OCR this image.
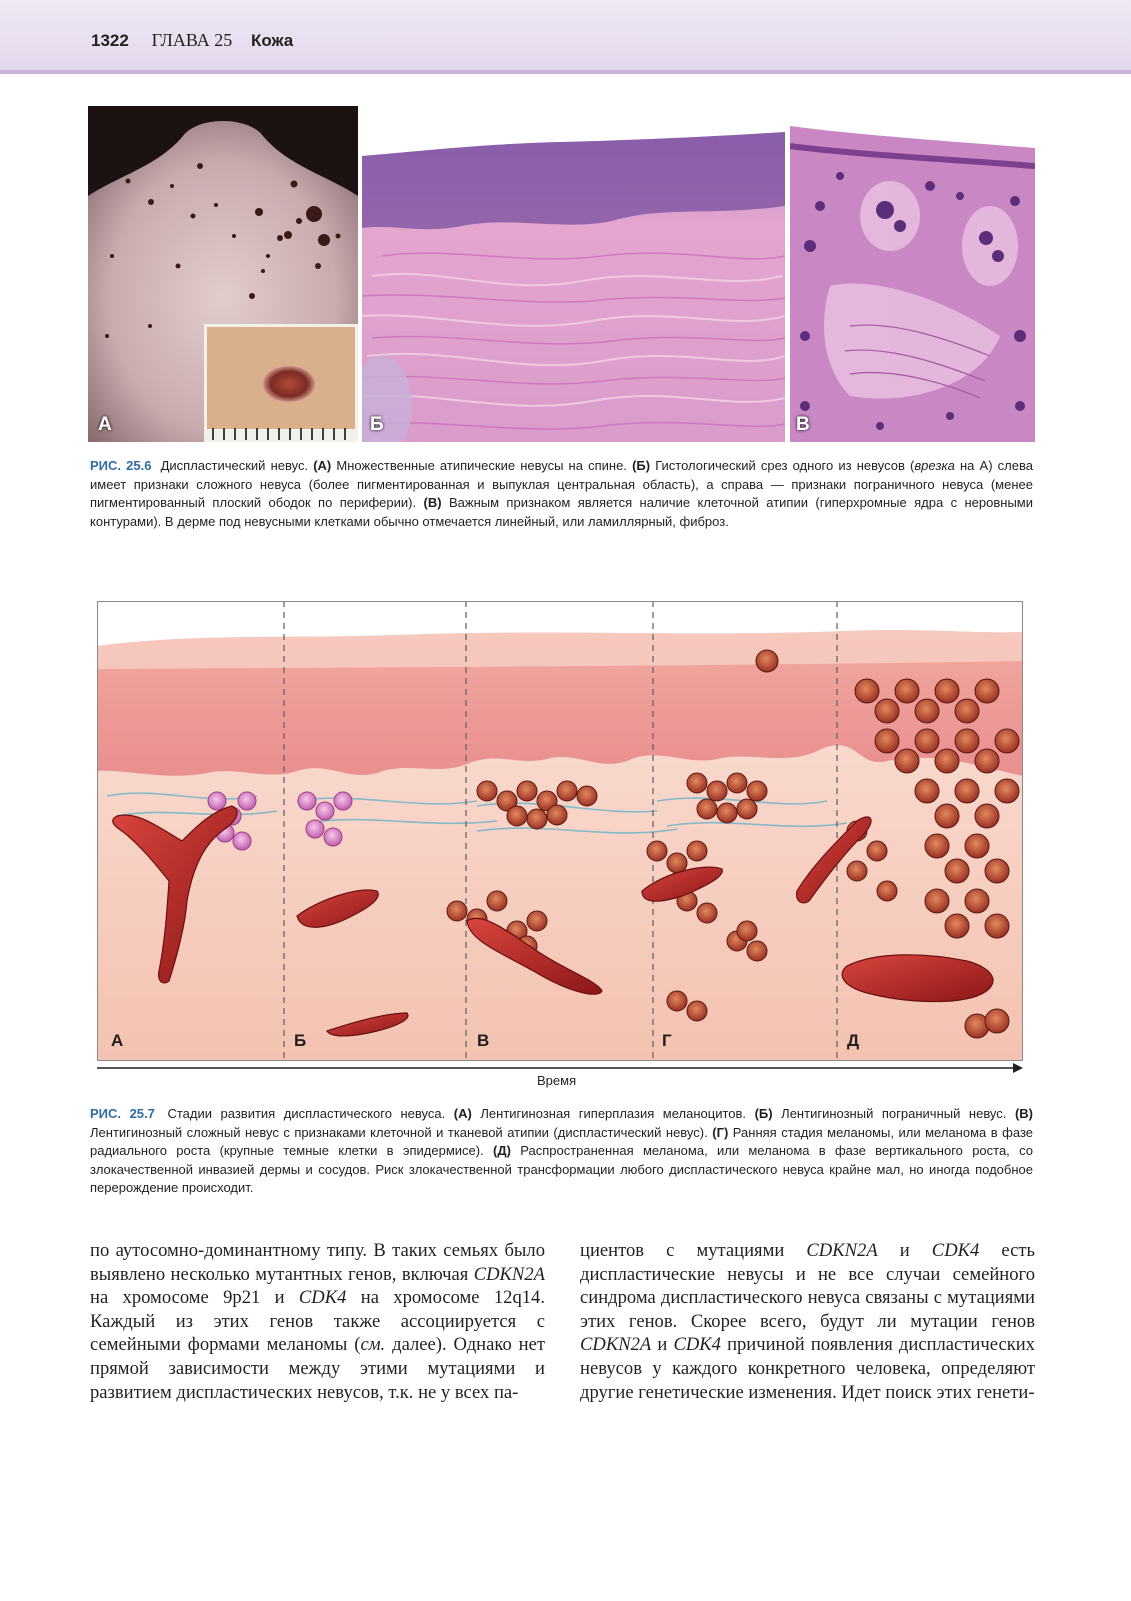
1322 ГЛАВА 25 Кожа
А	Б	В
РИС. 25.6 Диспластический невус. (А) Множественные атипические невусы на спине. (Б) Гистологический срез одного из невусов (врезка на А) слева имеет признаки сложного невуса (более пигментированная и выпуклая центральная область), а справа — признаки пограничного невуса (менее пигментированный плоский ободок по периферии). (В) Важным признаком является наличие клеточной атипии (гиперхромные ядра с неровными контурами). В дерме под невусными клетками обычно отмечается линейный, или ламиллярный, фиброз.
А	Б	В	Г	Д
Время
РИС. 25.7 Стадии развития диспластического невуса. (А) Лентигинозная гиперплазия меланоцитов. (Б) Лентигинозный пограничный невус. (В) Лентигинозный сложный невус с признаками клеточной и тканевой атипии (диспластический невус). (Г) Ранняя стадия меланомы, или меланома в фазе радиального роста (крупные темные клетки в эпидермисе). (Д) Распространенная меланома, или меланома в фазе вертикального роста, со злокачественной инвазией дермы и сосудов. Риск злокачественной трансформации любого диспластического невуса крайне мал, но иногда подобное перерождение происходит.
по аутосомно-доминантному типу. В таких семьях было выявлено несколько мутантных генов, включая CDKN2A на хромосоме 9p21 и CDK4 на хромосоме 12q14. Каждый из этих генов также ассоциируется с семейными формами меланомы (см. далее). Однако нет прямой зависимости между этими мутациями и развитием диспластических невусов, т.к. не у всех па-
циентов с мутациями CDKN2A и CDK4 есть диспластические невусы и не все случаи семейного синдрома диспластического невуса связаны с мутациями этих генов. Скорее всего, будут ли мутации генов CDKN2A и CDK4 причиной появления диспластических невусов у каждого конкретного человека, определяют другие генетические изменения. Идет поиск этих генети-
